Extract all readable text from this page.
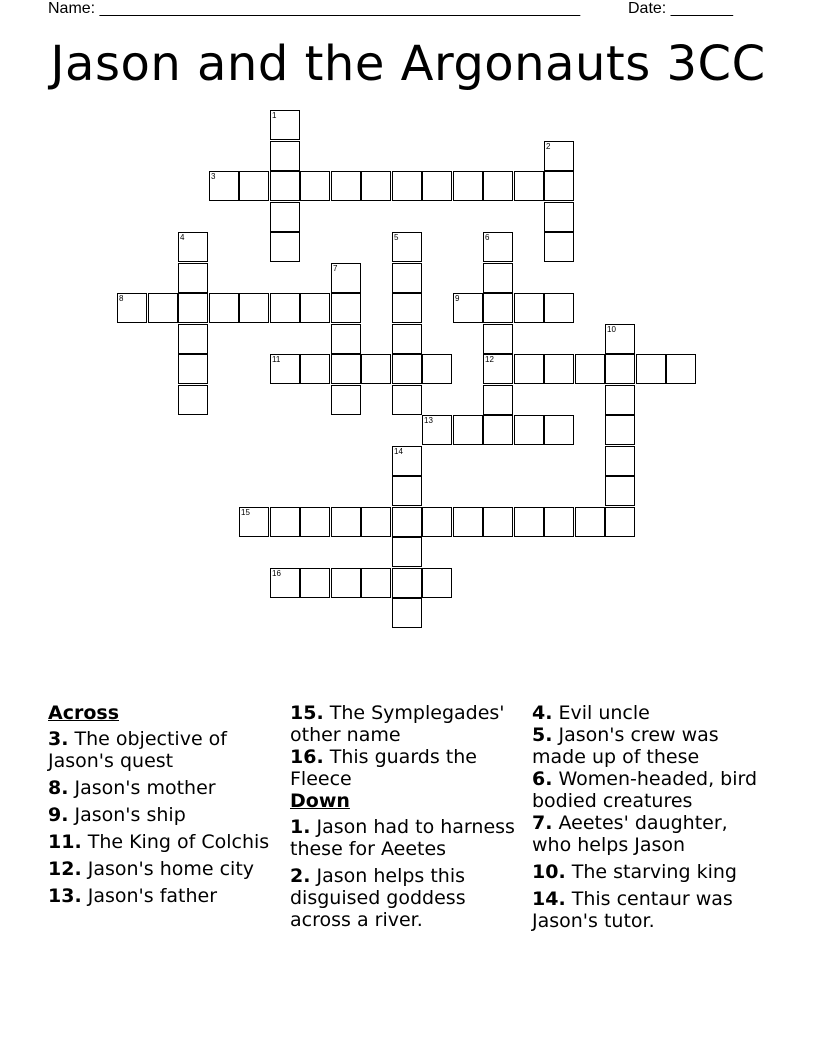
Name: ______________________________________________________	Date: _______
Jason and the Argonauts 3CC
1
2
3
4	5	6
12
7
8	9
10
11
13
14
15
16
Across
3. The objective of Jason's quest
8. Jason's mother
9. Jason's ship
11. The King of Colchis
12. Jason's home city
13. Jason's father
15. The Symplegades' other name
16. This guards the Fleece
Down
1. Jason had to harness these for Aeetes
2. Jason helps this disguised goddess across a river.
4. Evil uncle
5. Jason's crew was made up of these
6. Women-headed, bird bodied creatures
7. Aeetes' daughter, who helps Jason
10. The starving king
14. This centaur was Jason's tutor.
